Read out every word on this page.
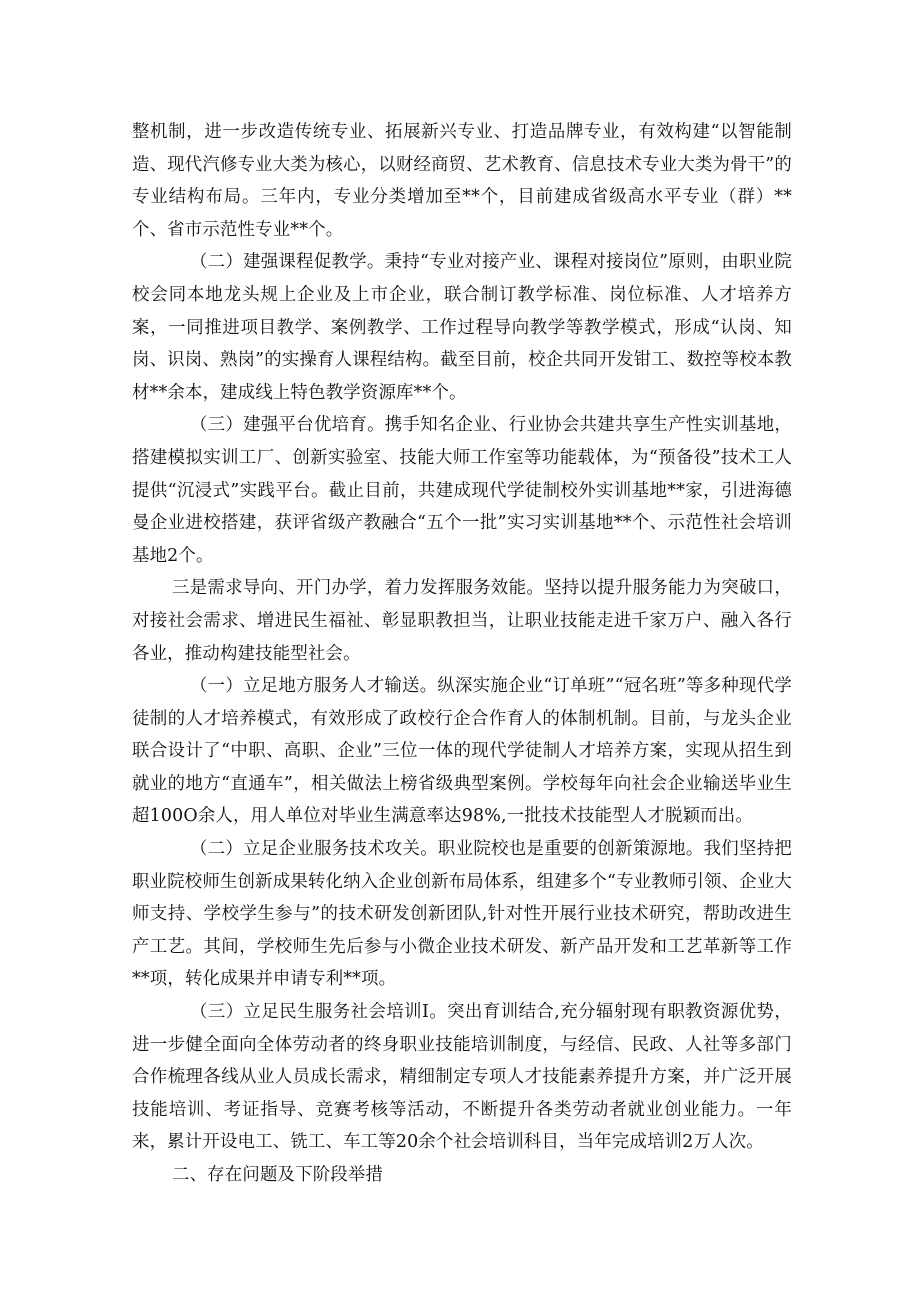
整机制，进一步改造传统专业、拓展新兴专业、打造品牌专业，有效构建“以智能制造、现代汽修专业大类为核心，以财经商贸、艺术教育、信息技术专业大类为骨干”的专业结构布局。三年内，专业分类增加至**个，目前建成省级高水平专业（群）**个、省市示范性专业**个。

（二）建强课程促教学。秉持“专业对接产业、课程对接岗位”原则，由职业院校会同本地龙头规上企业及上市企业，联合制订教学标准、岗位标准、人才培养方案，一同推进项目教学、案例教学、工作过程导向教学等教学模式，形成“认岗、知岗、识岗、熟岗”的实操育人课程结构。截至目前，校企共同开发钳工、数控等校本教材**余本，建成线上特色教学资源库**个。

（三）建强平台优培育。携手知名企业、行业协会共建共享生产性实训基地，搭建模拟实训工厂、创新实验室、技能大师工作室等功能载体，为“预备役”技术工人提供“沉浸式”实践平台。截止目前，共建成现代学徒制校外实训基地**家，引进海德曼企业进校搭建，获评省级产教融合“五个一批”实习实训基地**个、示范性社会培训基地2个。

三是需求导向、开门办学，着力发挥服务效能。坚持以提升服务能力为突破口，对接社会需求、增进民生福祉、彰显职教担当，让职业技能走进千家万户、融入各行各业，推动构建技能型社会。

（一）立足地方服务人才输送。纵深实施企业“订单班”“冠名班”等多种现代学徒制的人才培养模式，有效形成了政校行企合作育人的体制机制。目前，与龙头企业联合设计了“中职、高职、企业”三位一体的现代学徒制人才培养方案，实现从招生到就业的地方“直通车”，相关做法上榜省级典型案例。学校每年向社会企业输送毕业生超100O余人，用人单位对毕业生满意率达98%,一批技术技能型人才脱颖而出。

（二）立足企业服务技术攻关。职业院校也是重要的创新策源地。我们坚持把职业院校师生创新成果转化纳入企业创新布局体系，组建多个“专业教师引领、企业大师支持、学校学生参与”的技术研发创新团队,针对性开展行业技术研究，帮助改进生产工艺。其间，学校师生先后参与小微企业技术研发、新产品开发和工艺革新等工作**项，转化成果并申请专利**项。

（三）立足民生服务社会培训I。突出育训结合,充分辐射现有职教资源优势，进一步健全面向全体劳动者的终身职业技能培训制度，与经信、民政、人社等多部门合作梳理各线从业人员成长需求，精细制定专项人才技能素养提升方案，并广泛开展技能培训、考证指导、竞赛考核等活动，不断提升各类劳动者就业创业能力。一年来，累计开设电工、铣工、车工等20余个社会培训科目，当年完成培训2万人次。

二、存在问题及下阶段举措
